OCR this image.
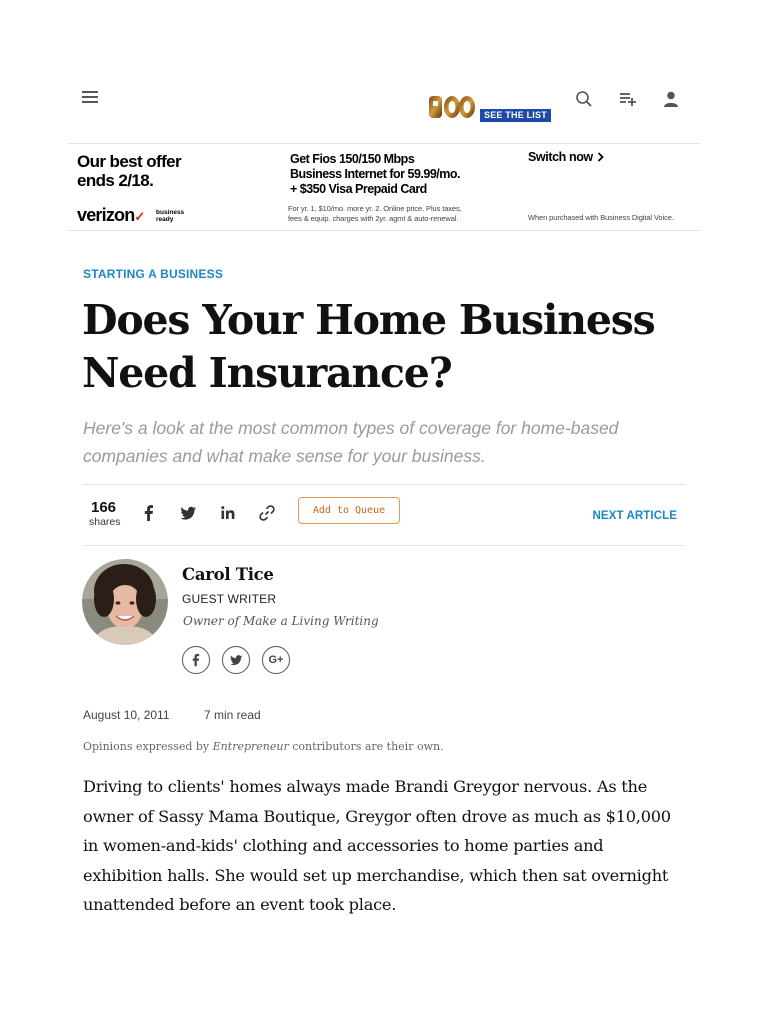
SEE THE LIST
Our best offer
ends 2/18.
verizon✓ business
ready
Get Fios 150/150 Mbps
Business Internet for 59.99/mo.
+ $350 Visa Prepaid Card
For yr. 1, $10/mo. more yr. 2. Online price. Plus taxes,
fees & equip. charges with 2yr. agmt & auto-renewal.
Switch now
When purchased with Business Digital Voice.
STARTING A BUSINESS
Does Your Home Business Need Insurance?
Here's a look at the most common types of coverage for home-based companies and what make sense for your business.
166
shares
Add to Queue	NEXT ARTICLE
Carol Tice
GUEST WRITER
Owner of Make a Living Writing
G+
August 10, 2011	7 min read
Opinions expressed by Entrepreneur contributors are their own.

Driving to clients' homes always made Brandi Greygor nervous. As the owner of Sassy Mama Boutique, Greygor often drove as much as $10,000 in women-and-kids' clothing and accessories to home parties and exhibition halls. She would set up merchandise, which then sat overnight unattended before an event took place.
